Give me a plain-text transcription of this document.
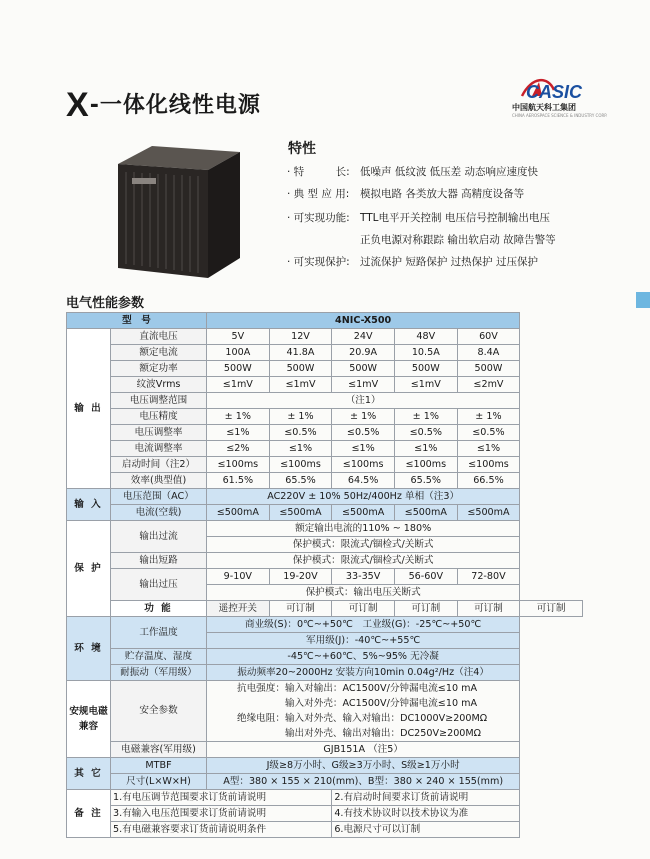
X-一体化线性电源
CASIC
中国航天科工集团
CHINA AEROSPACE SCIENCE & INDUSTRY CORP.
特性
· 特　　　长: 低噪声 低纹波 低压差 动态响应速度快
· 典 型 应 用: 模拟电路 各类放大器 高精度设备等
· 可实现功能: TTL电平开关控制 电压信号控制输出电压
正负电源对称跟踪 输出软启动 故障告警等
· 可实现保护: 过流保护 短路保护 过热保护 过压保护
电气性能参数
型　号		4NIC-X500					
输 出	直流电压	5V	12V	24V	48V	60V	
	额定电流	100A	41.8A	20.9A	10.5A	8.4A	
	额定功率	500W	500W	500W	500W	500W	
	纹波Vrms	≤1mV	≤1mV	≤1mV	≤1mV	≤2mV	
	电压调整范围	（注1）					
	电压精度	± 1%	± 1%	± 1%	± 1%	± 1%	
	电压调整率	≤1%	≤0.5%	≤0.5%	≤0.5%	≤0.5%	
	电流调整率	≤2%	≤1%	≤1%	≤1%	≤1%	
	启动时间（注2）	≤100ms	≤100ms	≤100ms	≤100ms	≤100ms	
	效率(典型值)	61.5%	65.5%	64.5%	65.5%	66.5%	
输 入	电压范围（AC）	AC220V ± 10% 50Hz/400Hz 单相（注3）					
	电流(空载)	≤500mA	≤500mA	≤500mA	≤500mA	≤500mA	
保 护	输出过流	额定输出电流的110% ~ 180%					
		保护模式：限流式/锢检式/关断式					
	输出短路	保护模式：限流式/锢检式/关断式					
	输出过压	9-10V	19-20V	33-35V	56-60V	72-80V	
		保护模式：输出电压关断式					
	功 能	遥控开关	可订制	可订制	可订制	可订制	可订制
环 境	工作温度	商业级(S)：0℃~+50℃　工业级(G)：-25℃~+50℃					
		军用级(J)：-40℃~+55℃					
	贮存温度、湿度	-45℃~+60℃、5%~95% 无冷凝					
	耐振动（军用级）	振动频率20~2000Hz 安装方向10min 0.04g²/Hz（注4）					
安规电磁兼容	安全参数	抗电强度：输入对输出：AC1500V/分钟漏电流≤10 mA
　　　　　输入对外壳：AC1500V/分钟漏电流≤10 mA
绝缘电阻：输入对外壳、输入对输出：DC1000V≥200MΩ
　　　　　输出对外壳、输出对输出：DC250V≥200MΩ					

	电磁兼容(军用级)	GJB151A （注5）					
其 它	MTBF	J级≥8万小时、G级≥3万小时、S级≥1万小时					
	尺寸(L×W×H)	A型：380 × 155 × 210(mm)、B型：380 × 240 × 155(mm)					
备 注	1.有电压调节范围要求订货前请说明			2.有启动时间要求订货前请说明			
	3.有输入电压范围要求订货前请说明			4.有技术协议时以技术协议为准			
	5.有电磁兼容要求订货前请说明条件			6.电源尺寸可以订制			
